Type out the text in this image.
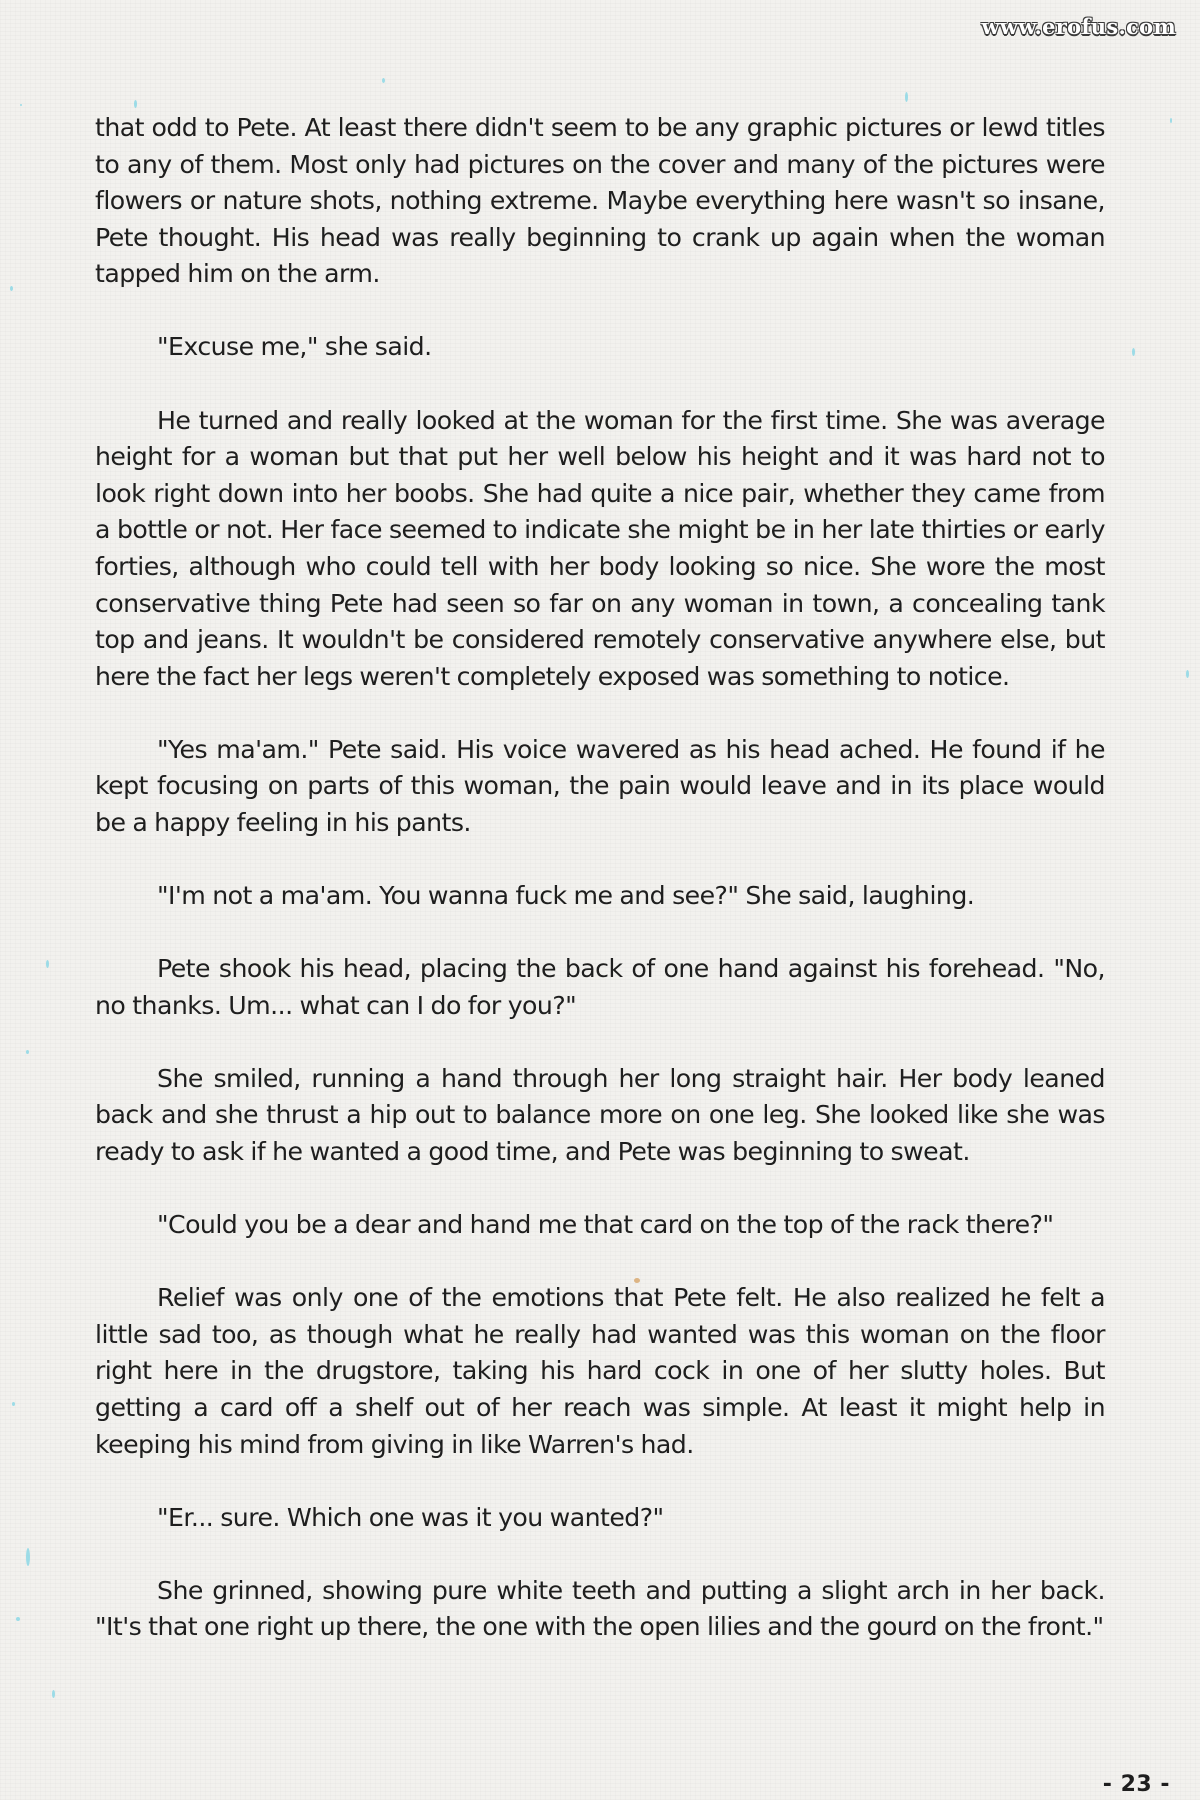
www.erofus.com

that odd to Pete. At least there didn't seem to be any graphic pictures or lewd titles to any of them. Most only had pictures on the cover and many of the pictures were flowers or nature shots, nothing extreme. Maybe everything here wasn't so insane, Pete thought. His head was really beginning to crank up again when the woman tapped him on the arm.

"Excuse me," she said.

He turned and really looked at the woman for the first time. She was average height for a woman but that put her well below his height and it was hard not to look right down into her boobs. She had quite a nice pair, whether they came from a bottle or not. Her face seemed to indicate she might be in her late thirties or early forties, although who could tell with her body looking so nice. She wore the most conservative thing Pete had seen so far on any woman in town, a concealing tank top and jeans. It wouldn't be considered remotely conservative anywhere else, but here the fact her legs weren't completely exposed was something to notice.

"Yes ma'am." Pete said. His voice wavered as his head ached. He found if he kept focusing on parts of this woman, the pain would leave and in its place would be a happy feeling in his pants.

"I'm not a ma'am. You wanna fuck me and see?" She said, laughing.

Pete shook his head, placing the back of one hand against his forehead. "No, no thanks. Um... what can I do for you?"

She smiled, running a hand through her long straight hair. Her body leaned back and she thrust a hip out to balance more on one leg. She looked like she was ready to ask if he wanted a good time, and Pete was beginning to sweat.

"Could you be a dear and hand me that card on the top of the rack there?"

Relief was only one of the emotions that Pete felt. He also realized he felt a little sad too, as though what he really had wanted was this woman on the floor right here in the drugstore, taking his hard cock in one of her slutty holes. But getting a card off a shelf out of her reach was simple. At least it might help in keeping his mind from giving in like Warren's had.

"Er... sure. Which one was it you wanted?"

She grinned, showing pure white teeth and putting a slight arch in her back. "It's that one right up there, the one with the open lilies and the gourd on the front."

- 23 -
